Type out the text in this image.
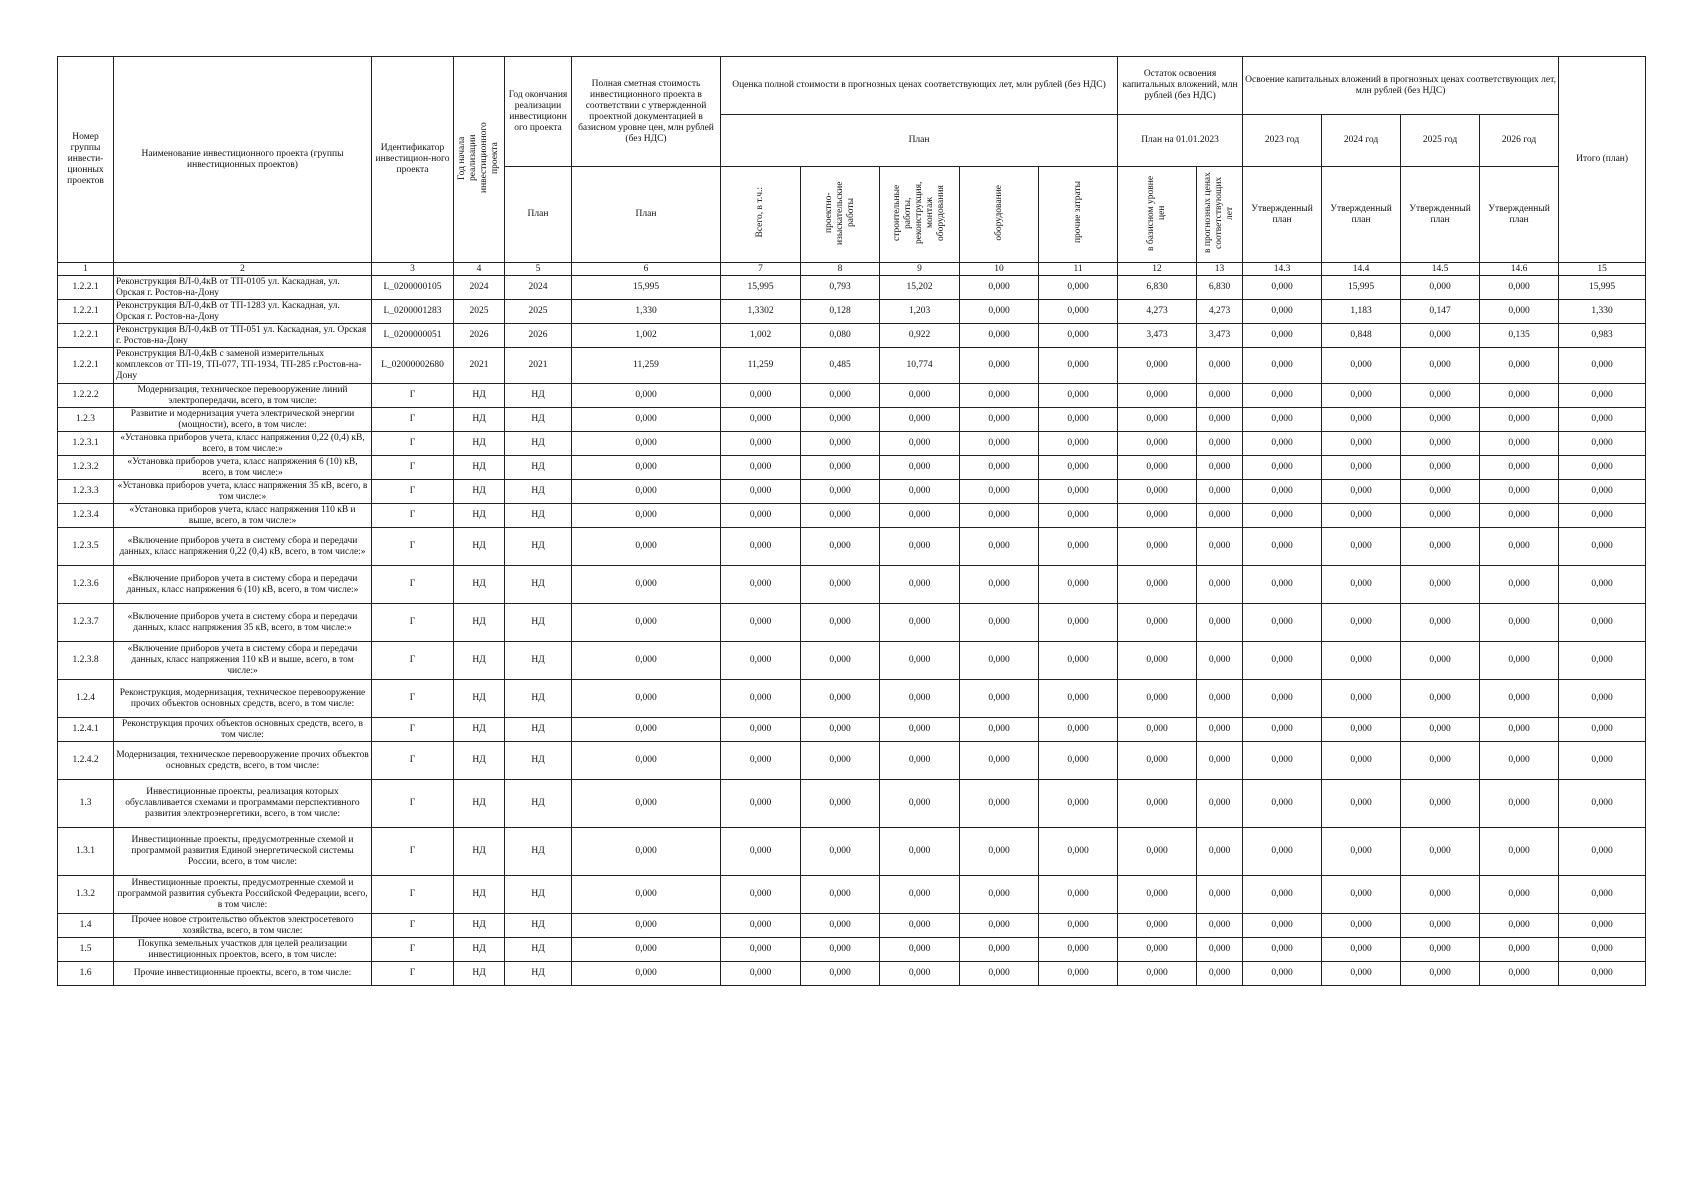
Номер группы инвести-ционных проектов	Наименование инвестиционного проекта (группы инвестиционных проектов)	Идентификатор инвестицион-ного проекта	Год начала реализации инвестиционного проекта	Год окончания реализации инвестиционн ого проекта	Полная сметная стоимость инвестиционного проекта в соответствии с утвержденной проектной документацией в базисном уровне цен, млн рублей (без НДС)	Оценка полной стоимости в прогнозных ценах соответствующих лет, млн рублей (без НДС)					Остаток освоения капитальных вложений, млн рублей (без НДС)		Освоение капитальных вложений в прогнозных ценах соответствующих лет, млн рублей (без НДС)				Итого (план)
						План					План на 01.01.2023		2023 год	2024 год	2025 год	2026 год	
				План	План	Всего, в т.ч.:	проектно-изыскательские работы	строительные работы, реконструкция, монтаж оборудования	оборудование	прочие затраты	в базисном уровне цен	в прогнозных ценах соответствующих лет	Утвержденный план	Утвержденный план	Утвержденный план	Утвержденный план	
1	2	3	4	5	6	7	8	9	10	11	12	13	14.3	14.4	14.5	14.6	15
1.2.2.1	Реконструкция ВЛ-0,4кВ от ТП-0105 ул. Каскадная, ул. Орская г. Ростов-на-Дону	L_0200000105	2024	2024	15,995	15,995	0,793	15,202	0,000	0,000	6,830	6,830	0,000	15,995	0,000	0,000	15,995
1.2.2.1	Реконструкция ВЛ-0,4кВ от ТП-1283 ул. Каскадная, ул. Орская г. Ростов-на-Дону	L_0200001283	2025	2025	1,330	1,3302	0,128	1,203	0,000	0,000	4,273	4,273	0,000	1,183	0,147	0,000	1,330
1.2.2.1	Реконструкция ВЛ-0,4кВ от ТП-051 ул. Каскадная, ул. Орская г. Ростов-на-Дону	L_0200000051	2026	2026	1,002	1,002	0,080	0,922	0,000	0,000	3,473	3,473	0,000	0,848	0,000	0,135	0,983
1.2.2.1	Реконструкция ВЛ-0,4кВ с заменой измерительных комплексов от ТП-19, ТП-077, ТП-1934, ТП-285 г.Ростов-на-Дону	L_02000002680	2021	2021	11,259	11,259	0,485	10,774	0,000	0,000	0,000	0,000	0,000	0,000	0,000	0,000	0,000
1.2.2.2	Модернизация, техническое перевооружение линий электропередачи, всего, в том числе:	Г	НД	НД	0,000	0,000	0,000	0,000	0,000	0,000	0,000	0,000	0,000	0,000	0,000	0,000	0,000
1.2.3	Развитие и модернизация учета электрической энергии (мощности), всего, в том числе:	Г	НД	НД	0,000	0,000	0,000	0,000	0,000	0,000	0,000	0,000	0,000	0,000	0,000	0,000	0,000
1.2.3.1	«Установка приборов учета, класс напряжения 0,22 (0,4) кВ, всего, в том числе:»	Г	НД	НД	0,000	0,000	0,000	0,000	0,000	0,000	0,000	0,000	0,000	0,000	0,000	0,000	0,000
1.2.3.2	«Установка приборов учета, класс напряжения 6 (10) кВ, всего, в том числе:»	Г	НД	НД	0,000	0,000	0,000	0,000	0,000	0,000	0,000	0,000	0,000	0,000	0,000	0,000	0,000
1.2.3.3	«Установка приборов учета, класс напряжения 35 кВ, всего, в том числе:»	Г	НД	НД	0,000	0,000	0,000	0,000	0,000	0,000	0,000	0,000	0,000	0,000	0,000	0,000	0,000
1.2.3.4	«Установка приборов учета, класс напряжения 110 кВ и выше, всего, в том числе:»	Г	НД	НД	0,000	0,000	0,000	0,000	0,000	0,000	0,000	0,000	0,000	0,000	0,000	0,000	0,000
1.2.3.5	«Включение приборов учета в систему сбора и передачи данных, класс напряжения 0,22 (0,4) кВ, всего, в том числе:»	Г	НД	НД	0,000	0,000	0,000	0,000	0,000	0,000	0,000	0,000	0,000	0,000	0,000	0,000	0,000
1.2.3.6	«Включение приборов учета в систему сбора и передачи данных, класс напряжения 6 (10) кВ, всего, в том числе:»	Г	НД	НД	0,000	0,000	0,000	0,000	0,000	0,000	0,000	0,000	0,000	0,000	0,000	0,000	0,000
1.2.3.7	«Включение приборов учета в систему сбора и передачи данных, класс напряжения 35 кВ, всего, в том числе:»	Г	НД	НД	0,000	0,000	0,000	0,000	0,000	0,000	0,000	0,000	0,000	0,000	0,000	0,000	0,000
1.2.3.8	«Включение приборов учета в систему сбора и передачи данных, класс напряжения 110 кВ и выше, всего, в том числе:»	Г	НД	НД	0,000	0,000	0,000	0,000	0,000	0,000	0,000	0,000	0,000	0,000	0,000	0,000	0,000
1.2.4	Реконструкция, модернизация, техническое перевооружение прочих объектов основных средств, всего, в том числе:	Г	НД	НД	0,000	0,000	0,000	0,000	0,000	0,000	0,000	0,000	0,000	0,000	0,000	0,000	0,000
1.2.4.1	Реконструкция прочих объектов основных средств, всего, в том числе:	Г	НД	НД	0,000	0,000	0,000	0,000	0,000	0,000	0,000	0,000	0,000	0,000	0,000	0,000	0,000
1.2.4.2	Модернизация, техническое перевооружение прочих объектов основных средств, всего, в том числе:	Г	НД	НД	0,000	0,000	0,000	0,000	0,000	0,000	0,000	0,000	0,000	0,000	0,000	0,000	0,000
1.3	Инвестиционные проекты, реализация которых обуславливается схемами и программами перспективного развития электроэнергетики, всего, в том числе:	Г	НД	НД	0,000	0,000	0,000	0,000	0,000	0,000	0,000	0,000	0,000	0,000	0,000	0,000	0,000
1.3.1	Инвестиционные проекты, предусмотренные схемой и программой развития Единой энергетической системы России, всего, в том числе:	Г	НД	НД	0,000	0,000	0,000	0,000	0,000	0,000	0,000	0,000	0,000	0,000	0,000	0,000	0,000
1.3.2	Инвестиционные проекты, предусмотренные схемой и программой развития субъекта Российской Федерации, всего, в том числе:	Г	НД	НД	0,000	0,000	0,000	0,000	0,000	0,000	0,000	0,000	0,000	0,000	0,000	0,000	0,000
1.4	Прочее новое строительство объектов электросетевого хозяйства, всего, в том числе:	Г	НД	НД	0,000	0,000	0,000	0,000	0,000	0,000	0,000	0,000	0,000	0,000	0,000	0,000	0,000
1.5	Покупка земельных участков для целей реализации инвестиционных проектов, всего, в том числе:	Г	НД	НД	0,000	0,000	0,000	0,000	0,000	0,000	0,000	0,000	0,000	0,000	0,000	0,000	0,000
1.6	Прочие инвестиционные проекты, всего, в том числе:	Г	НД	НД	0,000	0,000	0,000	0,000	0,000	0,000	0,000	0,000	0,000	0,000	0,000	0,000	0,000
